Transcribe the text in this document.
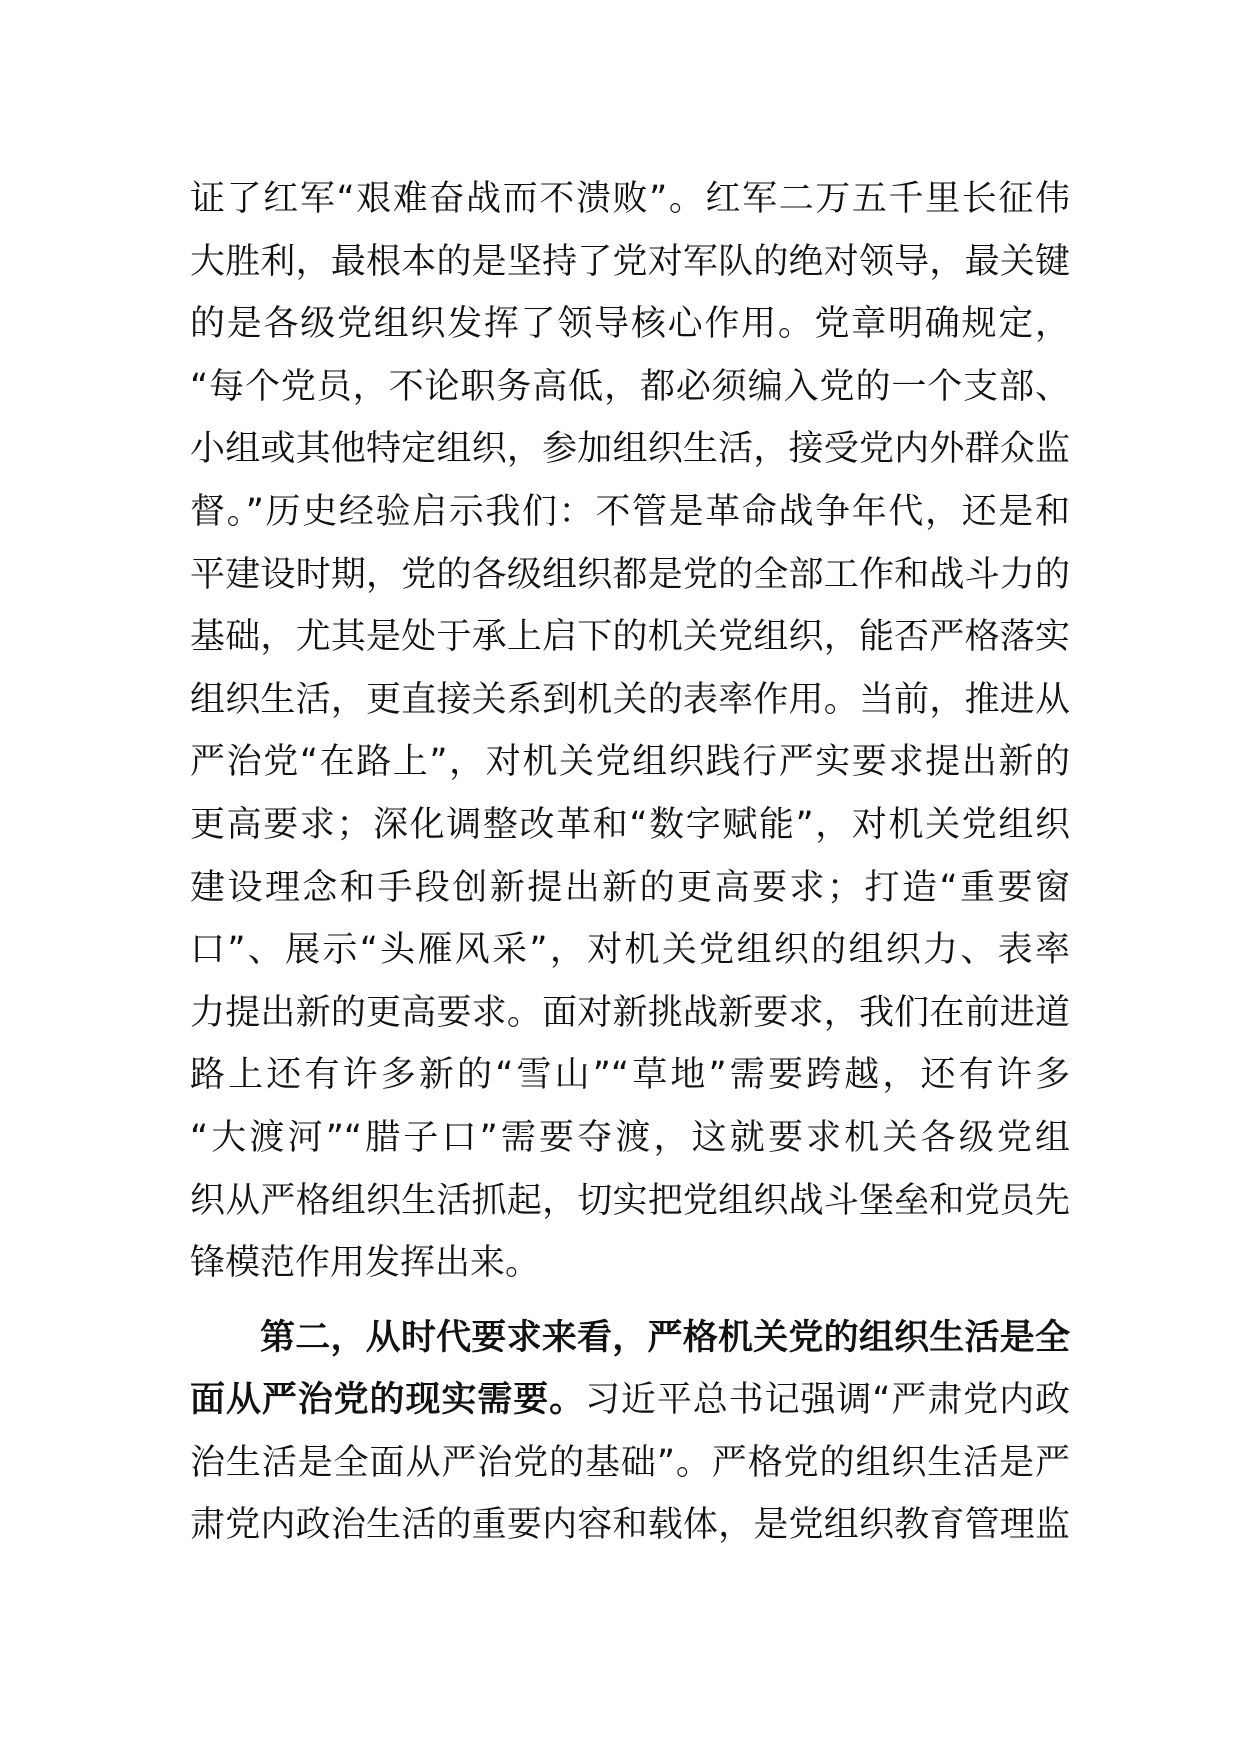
证了红军“艰难奋战而不溃败”。红军二万五千里长征伟
大胜利，最根本的是坚持了党对军队的绝对领导，最关键
的是各级党组织发挥了领导核心作用。党章明确规定，
“每个党员，不论职务高低，都必须编入党的一个支部、
小组或其他特定组织，参加组织生活，接受党内外群众监
督。”历史经验启示我们：不管是革命战争年代，还是和
平建设时期，党的各级组织都是党的全部工作和战斗力的
基础，尤其是处于承上启下的机关党组织，能否严格落实
组织生活，更直接关系到机关的表率作用。当前，推进从
严治党“在路上”，对机关党组织践行严实要求提出新的
更高要求；深化调整改革和“数字赋能”，对机关党组织
建设理念和手段创新提出新的更高要求；打造“重要窗
口”、展示“头雁风采”，对机关党组织的组织力、表率
力提出新的更高要求。面对新挑战新要求，我们在前进道
路上还有许多新的“雪山”“草地”需要跨越，还有许多
“大渡河”“腊子口”需要夺渡，这就要求机关各级党组
织从严格组织生活抓起，切实把党组织战斗堡垒和党员先
锋模范作用发挥出来。
第二，从时代要求来看，严格机关党的组织生活是全
面从严治党的现实需要。习近平总书记强调“严肃党内政
治生活是全面从严治党的基础”。严格党的组织生活是严
肃党内政治生活的重要内容和载体，是党组织教育管理监
